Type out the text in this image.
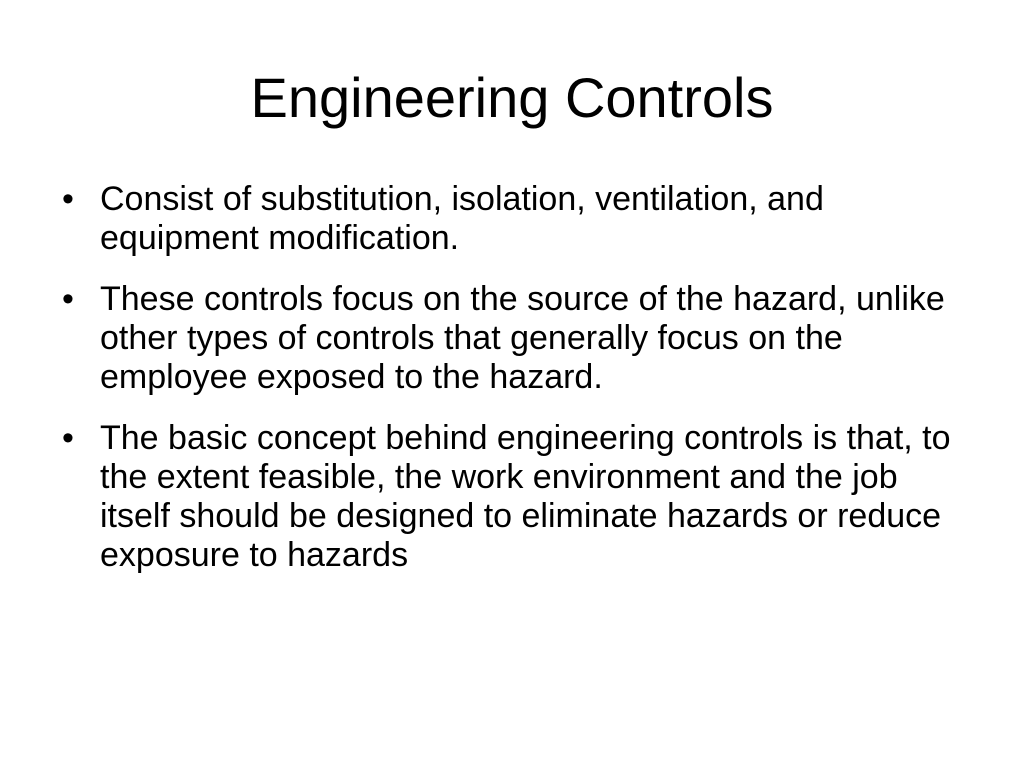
Engineering Controls
• Consist of substitution, isolation, ventilation, and equipment modification.
• These controls focus on the source of the hazard, unlike other types of controls that generally focus on the employee exposed to the hazard.
• The basic concept behind engineering controls is that, to the extent feasible, the work environment and the job itself should be designed to eliminate hazards or reduce exposure to hazards
